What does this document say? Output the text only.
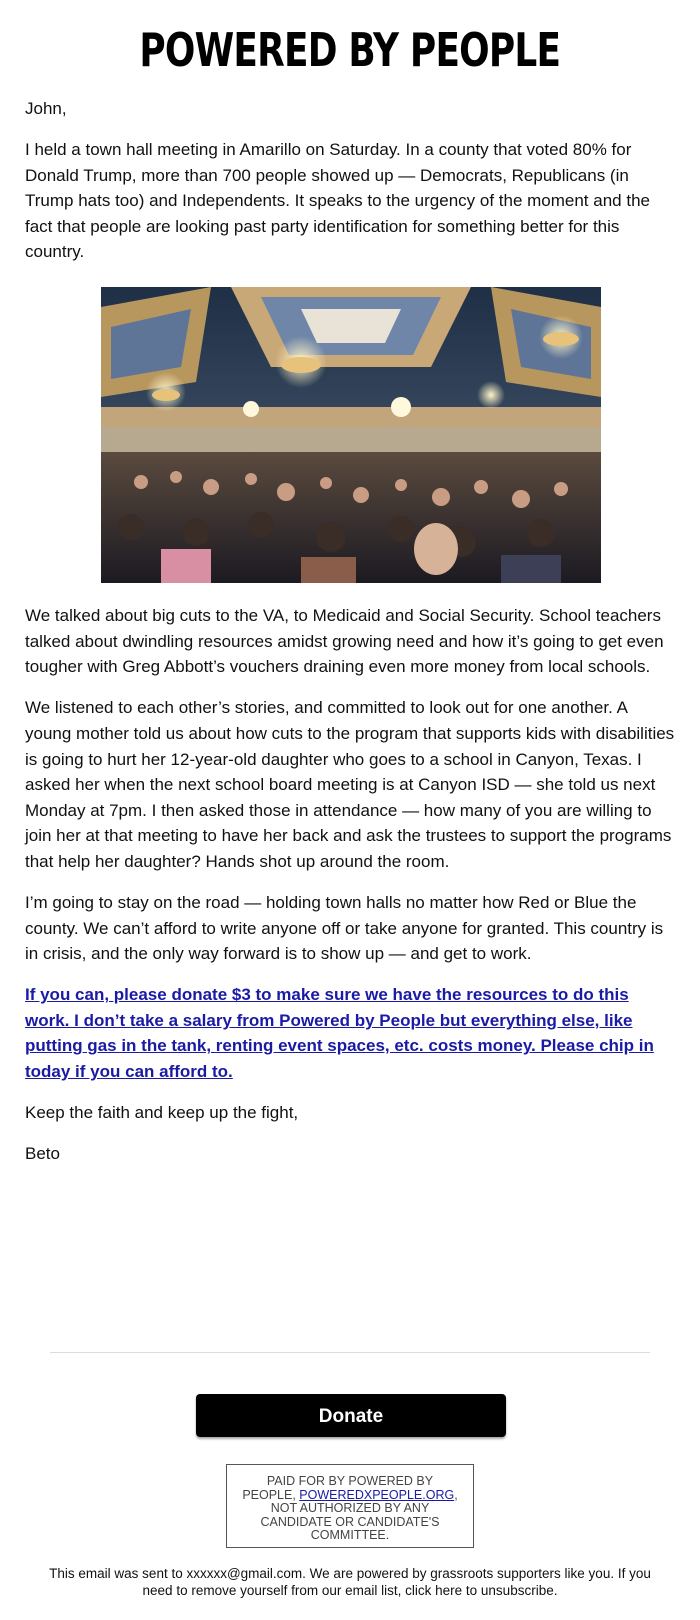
POWERED BY PEOPLE

John,

I held a town hall meeting in Amarillo on Saturday. In a county that voted 80% for Donald Trump, more than 700 people showed up — Democrats, Republicans (in Trump hats too) and Independents. It speaks to the urgency of the moment and the fact that people are looking past party identification for something better for this country.

We talked about big cuts to the VA, to Medicaid and Social Security. School teachers talked about dwindling resources amidst growing need and how it’s going to get even tougher with Greg Abbott’s vouchers draining even more money from local schools.

We listened to each other’s stories, and committed to look out for one another. A young mother told us about how cuts to the program that supports kids with disabilities is going to hurt her 12-year-old daughter who goes to a school in Canyon, Texas. I asked her when the next school board meeting is at Canyon ISD — she told us next Monday at 7pm. I then asked those in attendance — how many of you are willing to join her at that meeting to have her back and ask the trustees to support the programs that help her daughter? Hands shot up around the room.

I’m going to stay on the road — holding town halls no matter how Red or Blue the county. We can’t afford to write anyone off or take anyone for granted. This country is in crisis, and the only way forward is to show up — and get to work.

If you can, please donate $3 to make sure we have the resources to do this work. I don’t take a salary from Powered by People but everything else, like putting gas in the tank, renting event spaces, etc. costs money. Please chip in today if you can afford to.

Keep the faith and keep up the fight,

Beto

Donate
PAID FOR BY POWERED BY PEOPLE, POWEREDXPEOPLE.ORG, NOT AUTHORIZED BY ANY CANDIDATE OR CANDIDATE'S COMMITTEE.
This email was sent to xxxxxx@gmail.com. We are powered by grassroots supporters like you. If you need to remove yourself from our email list, click here to unsubscribe.
